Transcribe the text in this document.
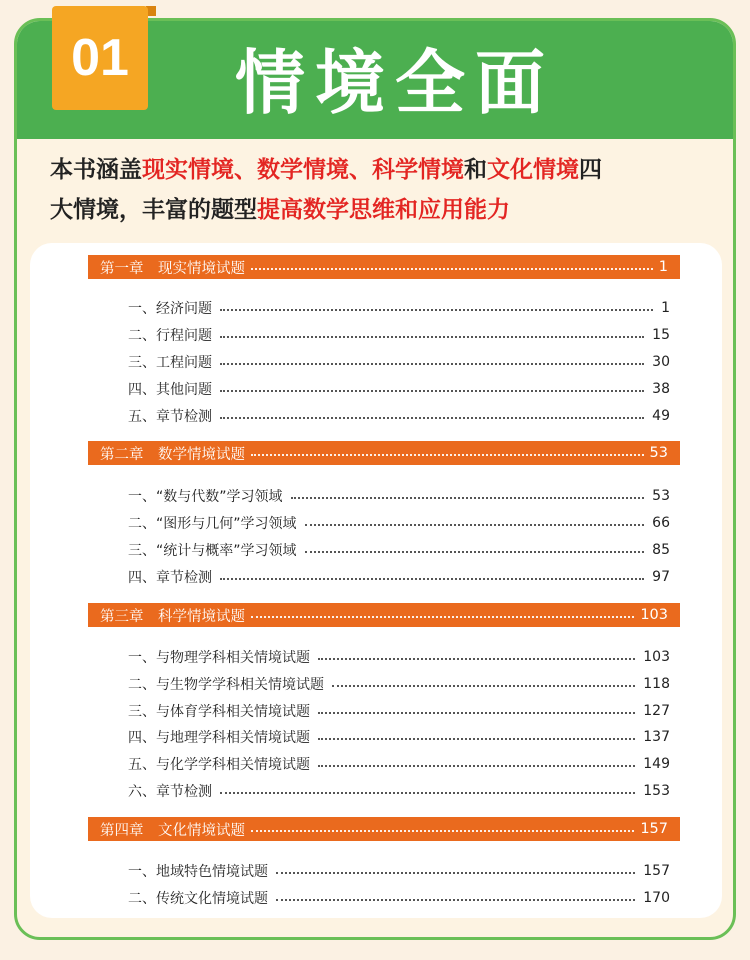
情境全面
01
本书涵盖现实情境、数学情境、科学情境和文化情境四
大情境，丰富的题型提高数学思维和应用能力
第一章　现实情境试题	1
一、经济问题	1
二、行程问题	15
三、工程问题	30
四、其他问题	38
五、章节检测	49
第二章　数学情境试题	53
一、“数与代数”学习领域	53
二、“图形与几何”学习领域	66
三、“统计与概率”学习领域	85
四、章节检测	97
第三章　科学情境试题	103
一、与物理学科相关情境试题	103
二、与生物学学科相关情境试题	118
三、与体育学科相关情境试题	127
四、与地理学科相关情境试题	137
五、与化学学科相关情境试题	149
六、章节检测	153
第四章　文化情境试题	157
一、地域特色情境试题	157
二、传统文化情境试题	170
